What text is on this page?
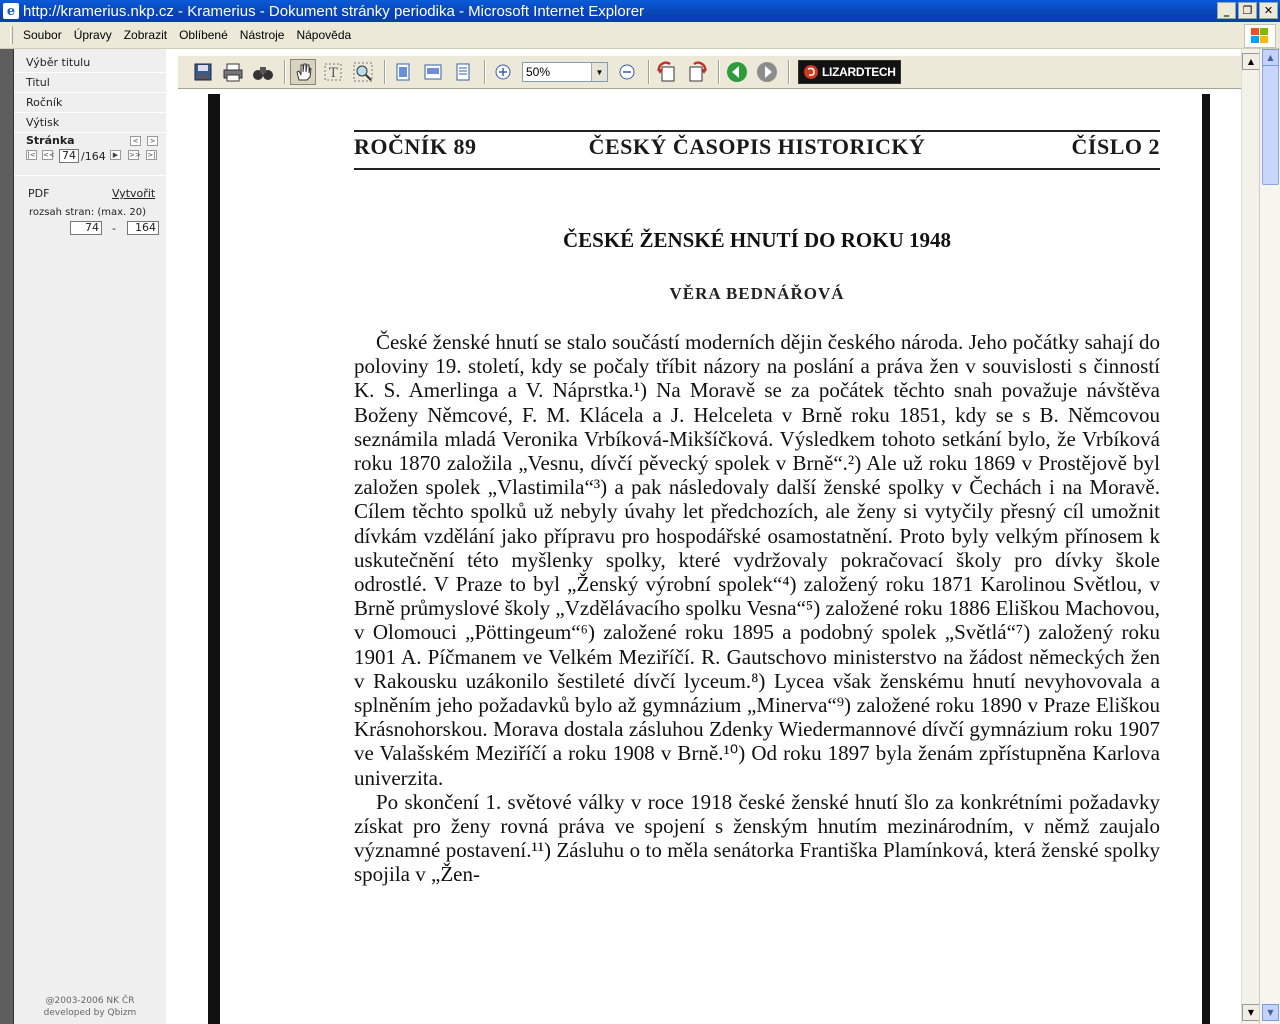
e http://kramerius.nkp.cz - Kramerius - Dokument stránky periodika - Microsoft Internet Explorer	_	❐	✕
Soubor	Úpravy	Zobrazit	Oblíbené	Nástroje	Nápověda
Výběr titulu
Titul
Ročník
Výtisk
Stránka	<	>
|< << 74 /164	▶	>> >|
PDF	Vytvořit
rozsah stran: (max. 20)
74 -	164
@2003-2006 NK ČR
developed by Qbizm
T	50%	▼	LIZARDTECH
ROČNÍK 89	ČESKÝ ČASOPIS HISTORICKÝ	ČÍSLO 2
ČESKÉ ŽENSKÉ HNUTÍ DO ROKU 1948
VĚRA BEDNÁŘOVÁ

České ženské hnutí se stalo součástí moderních dějin českého národa. Jeho počátky sahají do poloviny 19. století, kdy se počaly tříbit názory na poslání a práva žen v souvislosti s činností K. S. Amerlinga a V. Náprstka.¹) Na Moravě se za počátek těchto snah považuje návštěva Boženy Němcové, F. M. Klácela a J. Helceleta v Brně roku 1851, kdy se s B. Němcovou seznámila mladá Veronika Vrbíková-Mikšíčková. Výsledkem tohoto setkání bylo, že Vrbíková roku 1870 založila „Vesnu, dívčí pěvecký spolek v Brně“.²) Ale už roku 1869 v Prostějově byl založen spolek „Vlastimila“³) a pak následovaly další ženské spolky v Čechách i na Moravě. Cílem těchto spolků už nebyly úvahy let předchozích, ale ženy si vytyčily přesný cíl umožnit dívkám vzdělání jako přípravu pro hospodářské osamostatnění. Proto byly velkým přínosem k uskutečnění této myšlenky spolky, které vydržovaly pokračovací školy pro dívky škole odrostlé. V Praze to byl „Ženský výrobní spolek“⁴) založený roku 1871 Karolinou Světlou, v Brně průmyslové školy „Vzdělávacího spolku Vesna“⁵) založené roku 1886 Eliškou Machovou, v Olomouci „Pöttingeum“⁶) založené roku 1895 a podobný spolek „Světlá“⁷) založený roku 1901 A. Píčmanem ve Velkém Meziříčí. R. Gautschovo ministerstvo na žádost německých žen v Rakousku uzákonilo šestileté dívčí lyceum.⁸) Lycea však ženskému hnutí nevyhovovala a splněním jeho požadavků bylo až gymnázium „Minerva“⁹) založené roku 1890 v Praze Eliškou Krásnohorskou. Morava dostala zásluhou Zdenky Wiedermannové dívčí gymnázium roku 1907 ve Valašském Meziříčí a roku 1908 v Brně.¹⁰) Od roku 1897 byla ženám zpřístupněna Karlova univerzita.

Po skončení 1. světové války v roce 1918 české ženské hnutí šlo za konkrétními požadavky získat pro ženy rovná práva ve spojení s ženským hnutím mezinárodním, v němž zaujalo významné postavení.¹¹) Zásluhu o to měla senátorka Františka Plamínková, která ženské spolky spojila v „Žen-

▲
▼
▲
▼
